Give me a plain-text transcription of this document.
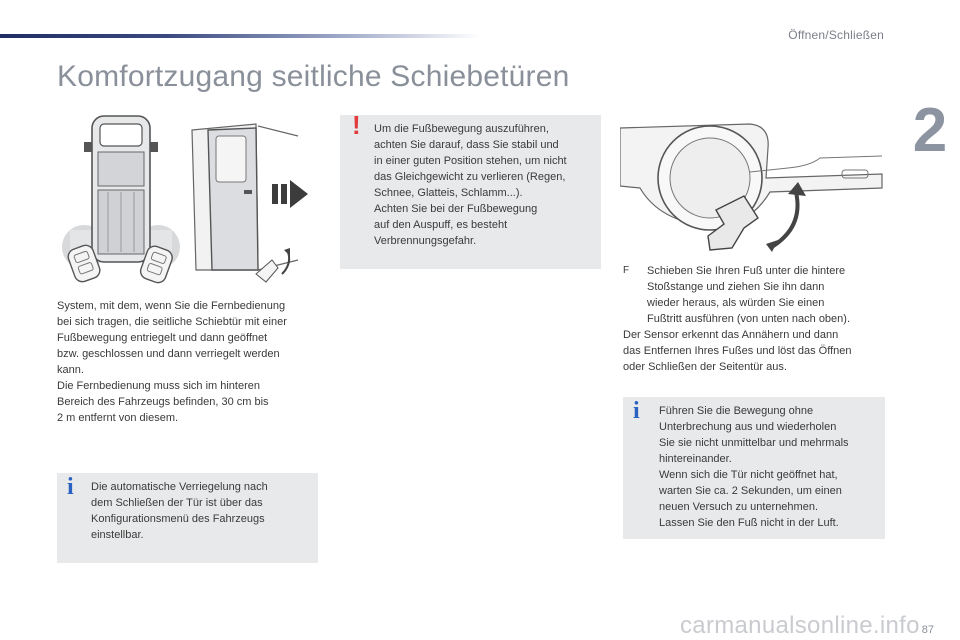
Öffnen/Schließen
2
Komfortzugang seitliche Schiebetüren

System, mit dem, wenn Sie die Fernbedienung

bei sich tragen, die seitliche Schiebtür mit einer

Fußbewegung entriegelt und dann geöffnet

bzw. geschlossen und dann verriegelt werden

kann.

Die Fernbedienung muss sich im hinteren

Bereich des Fahrzeugs befinden, 30 cm bis

2 m entfernt von diesem.

i Die automatische Verriegelung nach

dem Schließen der Tür ist über das

Konfigurationsmenü des Fahrzeugs

einstellbar.

! Um die Fußbewegung auszuführen,

achten Sie darauf, dass Sie stabil und

in einer guten Position stehen, um nicht

das Gleichgewicht zu verlieren (Regen,

Schnee, Glatteis, Schlamm...).

Achten Sie bei der Fußbewegung

auf den Auspuff, es besteht

Verbrennungsgefahr.

F	Schieben Sie Ihren Fuß unter die hintere

Stoßstange und ziehen Sie ihn dann

wieder heraus, als würden Sie einen

Fußtritt ausführen (von unten nach oben).

Der Sensor erkennt das Annähern und dann

das Entfernen Ihres Fußes und löst das Öffnen

oder Schließen der Seitentür aus.

i Führen Sie die Bewegung ohne

Unterbrechung aus und wiederholen

Sie sie nicht unmittelbar und mehrmals

hintereinander.

Wenn sich die Tür nicht geöffnet hat,

warten Sie ca. 2 Sekunden, um einen

neuen Versuch zu unternehmen.

Lassen Sie den Fuß nicht in der Luft.

carmanualsonline.info 87
